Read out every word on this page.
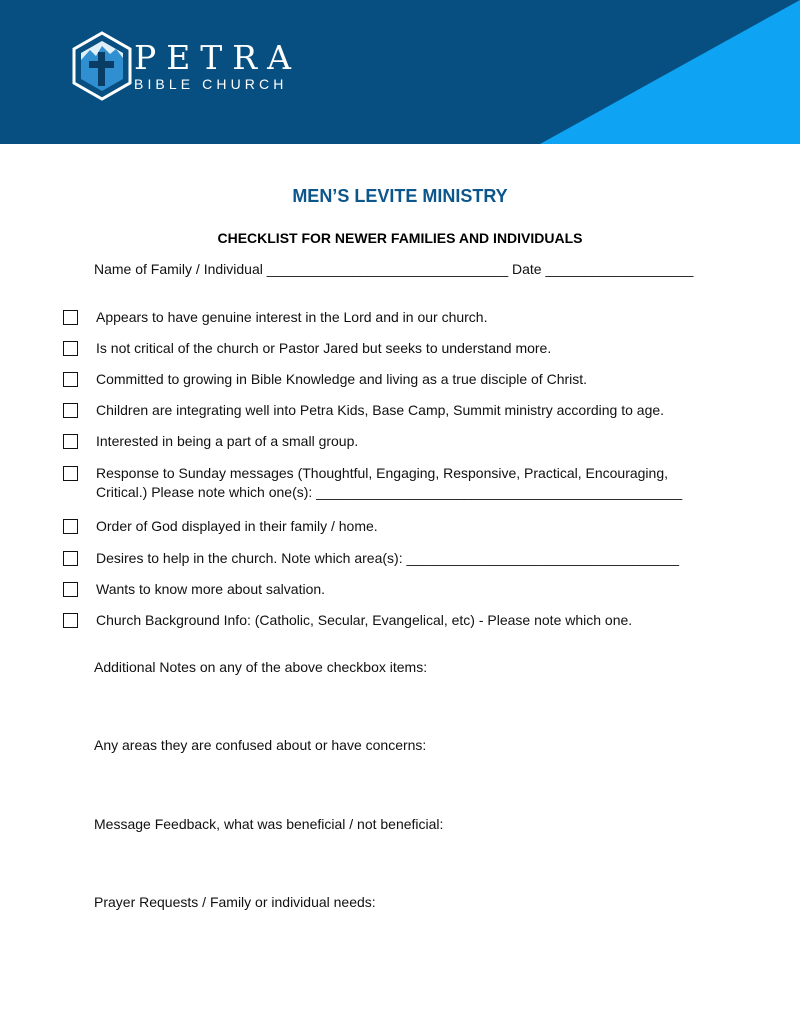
PETRA
BIBLE CHURCH
MEN’S LEVITE MINISTRY
CHECKLIST FOR NEWER FAMILIES AND INDIVIDUALS
Name of Family / Individual _______________________________ Date ___________________
Appears to have genuine interest in the Lord and in our church.
Is not critical of the church or Pastor Jared but seeks to understand more.
Committed to growing in Bible Knowledge and living as a true disciple of Christ.
Children are integrating well into Petra Kids, Base Camp, Summit ministry according to age.
Interested in being a part of a small group.
Response to Sunday messages (Thoughtful, Engaging, Responsive, Practical, Encouraging, Critical.) Please note which one(s): _______________________________________________
Order of God displayed in their family / home.
Desires to help in the church. Note which area(s): ___________________________________
Wants to know more about salvation.
Church Background Info: (Catholic, Secular, Evangelical, etc) - Please note which one.
Additional Notes on any of the above checkbox items:
Any areas they are confused about or have concerns:
Message Feedback, what was beneficial / not beneficial:
Prayer Requests / Family or individual needs:
